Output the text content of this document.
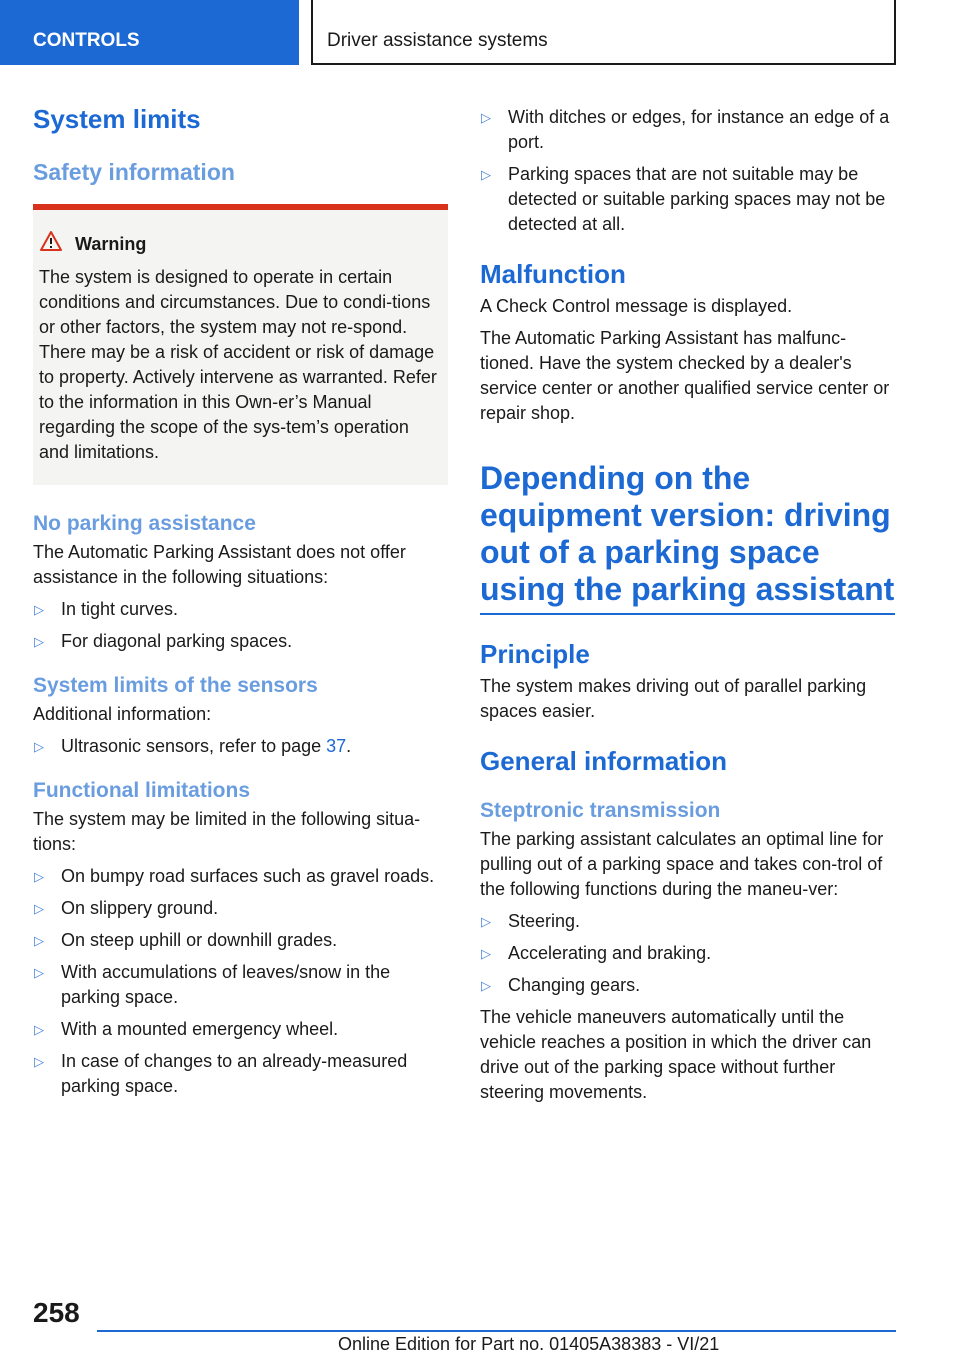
CONTROLS	Driver assistance systems
System limits
Safety information
Warning

The system is designed to operate in certain conditions and circumstances. Due to condi-tions or other factors, the system may not re-spond. There may be a risk of accident or risk of damage to property. Actively intervene as warranted. Refer to the information in this Own-er’s Manual regarding the scope of the sys-tem’s operation and limitations.

No parking assistance

The Automatic Parking Assistant does not offer assistance in the following situations:

▷ In tight curves.
▷ For diagonal parking spaces.
System limits of the sensors

Additional information:

▷ Ultrasonic sensors, refer to page 37.
Functional limitations

The system may be limited in the following situa-tions:

▷ On bumpy road surfaces such as gravel roads.
▷ On slippery ground.
▷ On steep uphill or downhill grades.
▷ With accumulations of leaves/snow in the parking space.
▷ With a mounted emergency wheel.
▷ In case of changes to an already-measured parking space.
▷ With ditches or edges, for instance an edge of a port.
▷ Parking spaces that are not suitable may be detected or suitable parking spaces may not be detected at all.
Malfunction

A Check Control message is displayed.

The Automatic Parking Assistant has malfunc-tioned. Have the system checked by a dealer's service center or another qualified service center or repair shop.

Depending on the equipment version: driving out of a parking space using the parking assistant
Principle

The system makes driving out of parallel parking spaces easier.

General information
Steptronic transmission

The parking assistant calculates an optimal line for pulling out of a parking space and takes con-trol of the following functions during the maneu-ver:

▷ Steering.
▷ Accelerating and braking.
▷ Changing gears.

The vehicle maneuvers automatically until the vehicle reaches a position in which the driver can drive out of the parking space without further steering movements.

258
Online Edition for Part no. 01405A38383 - VI/21
